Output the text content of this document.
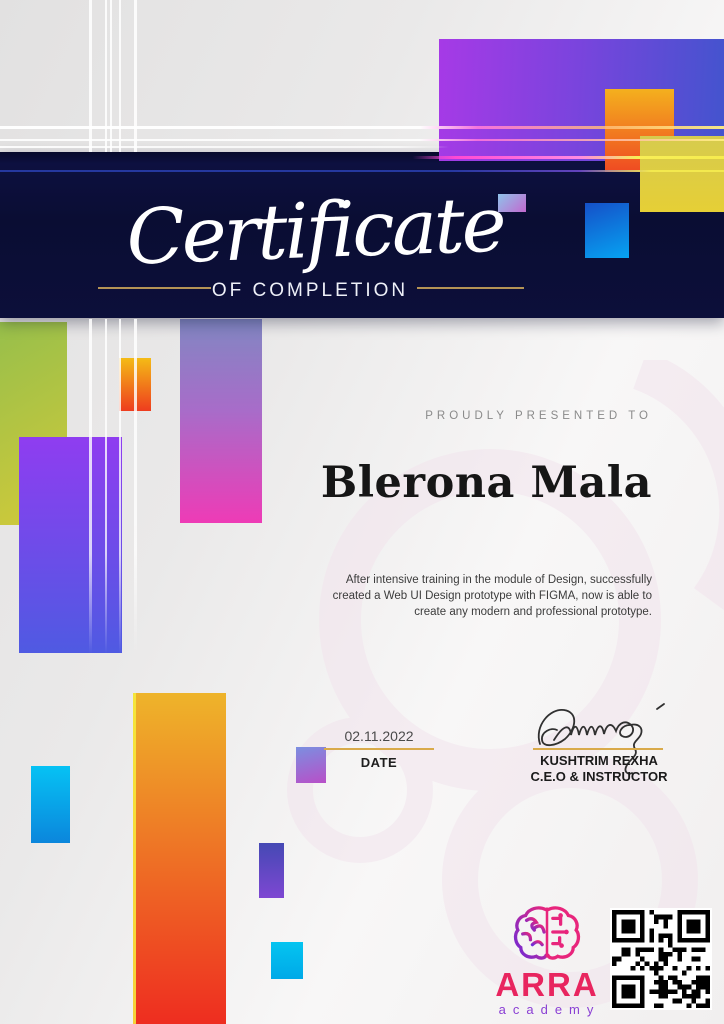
Certificate
OF COMPLETION
PROUDLY PRESENTED TO
Blerona Mala
After intensive training in the module of Design, successfully
created a Web UI Design prototype with FIGMA, now is able to
create any modern and professional prototype.
02.11.2022
DATE	KUSHTRIM REXHA
C.E.O & INSTRUCTOR
ARRA
academy
